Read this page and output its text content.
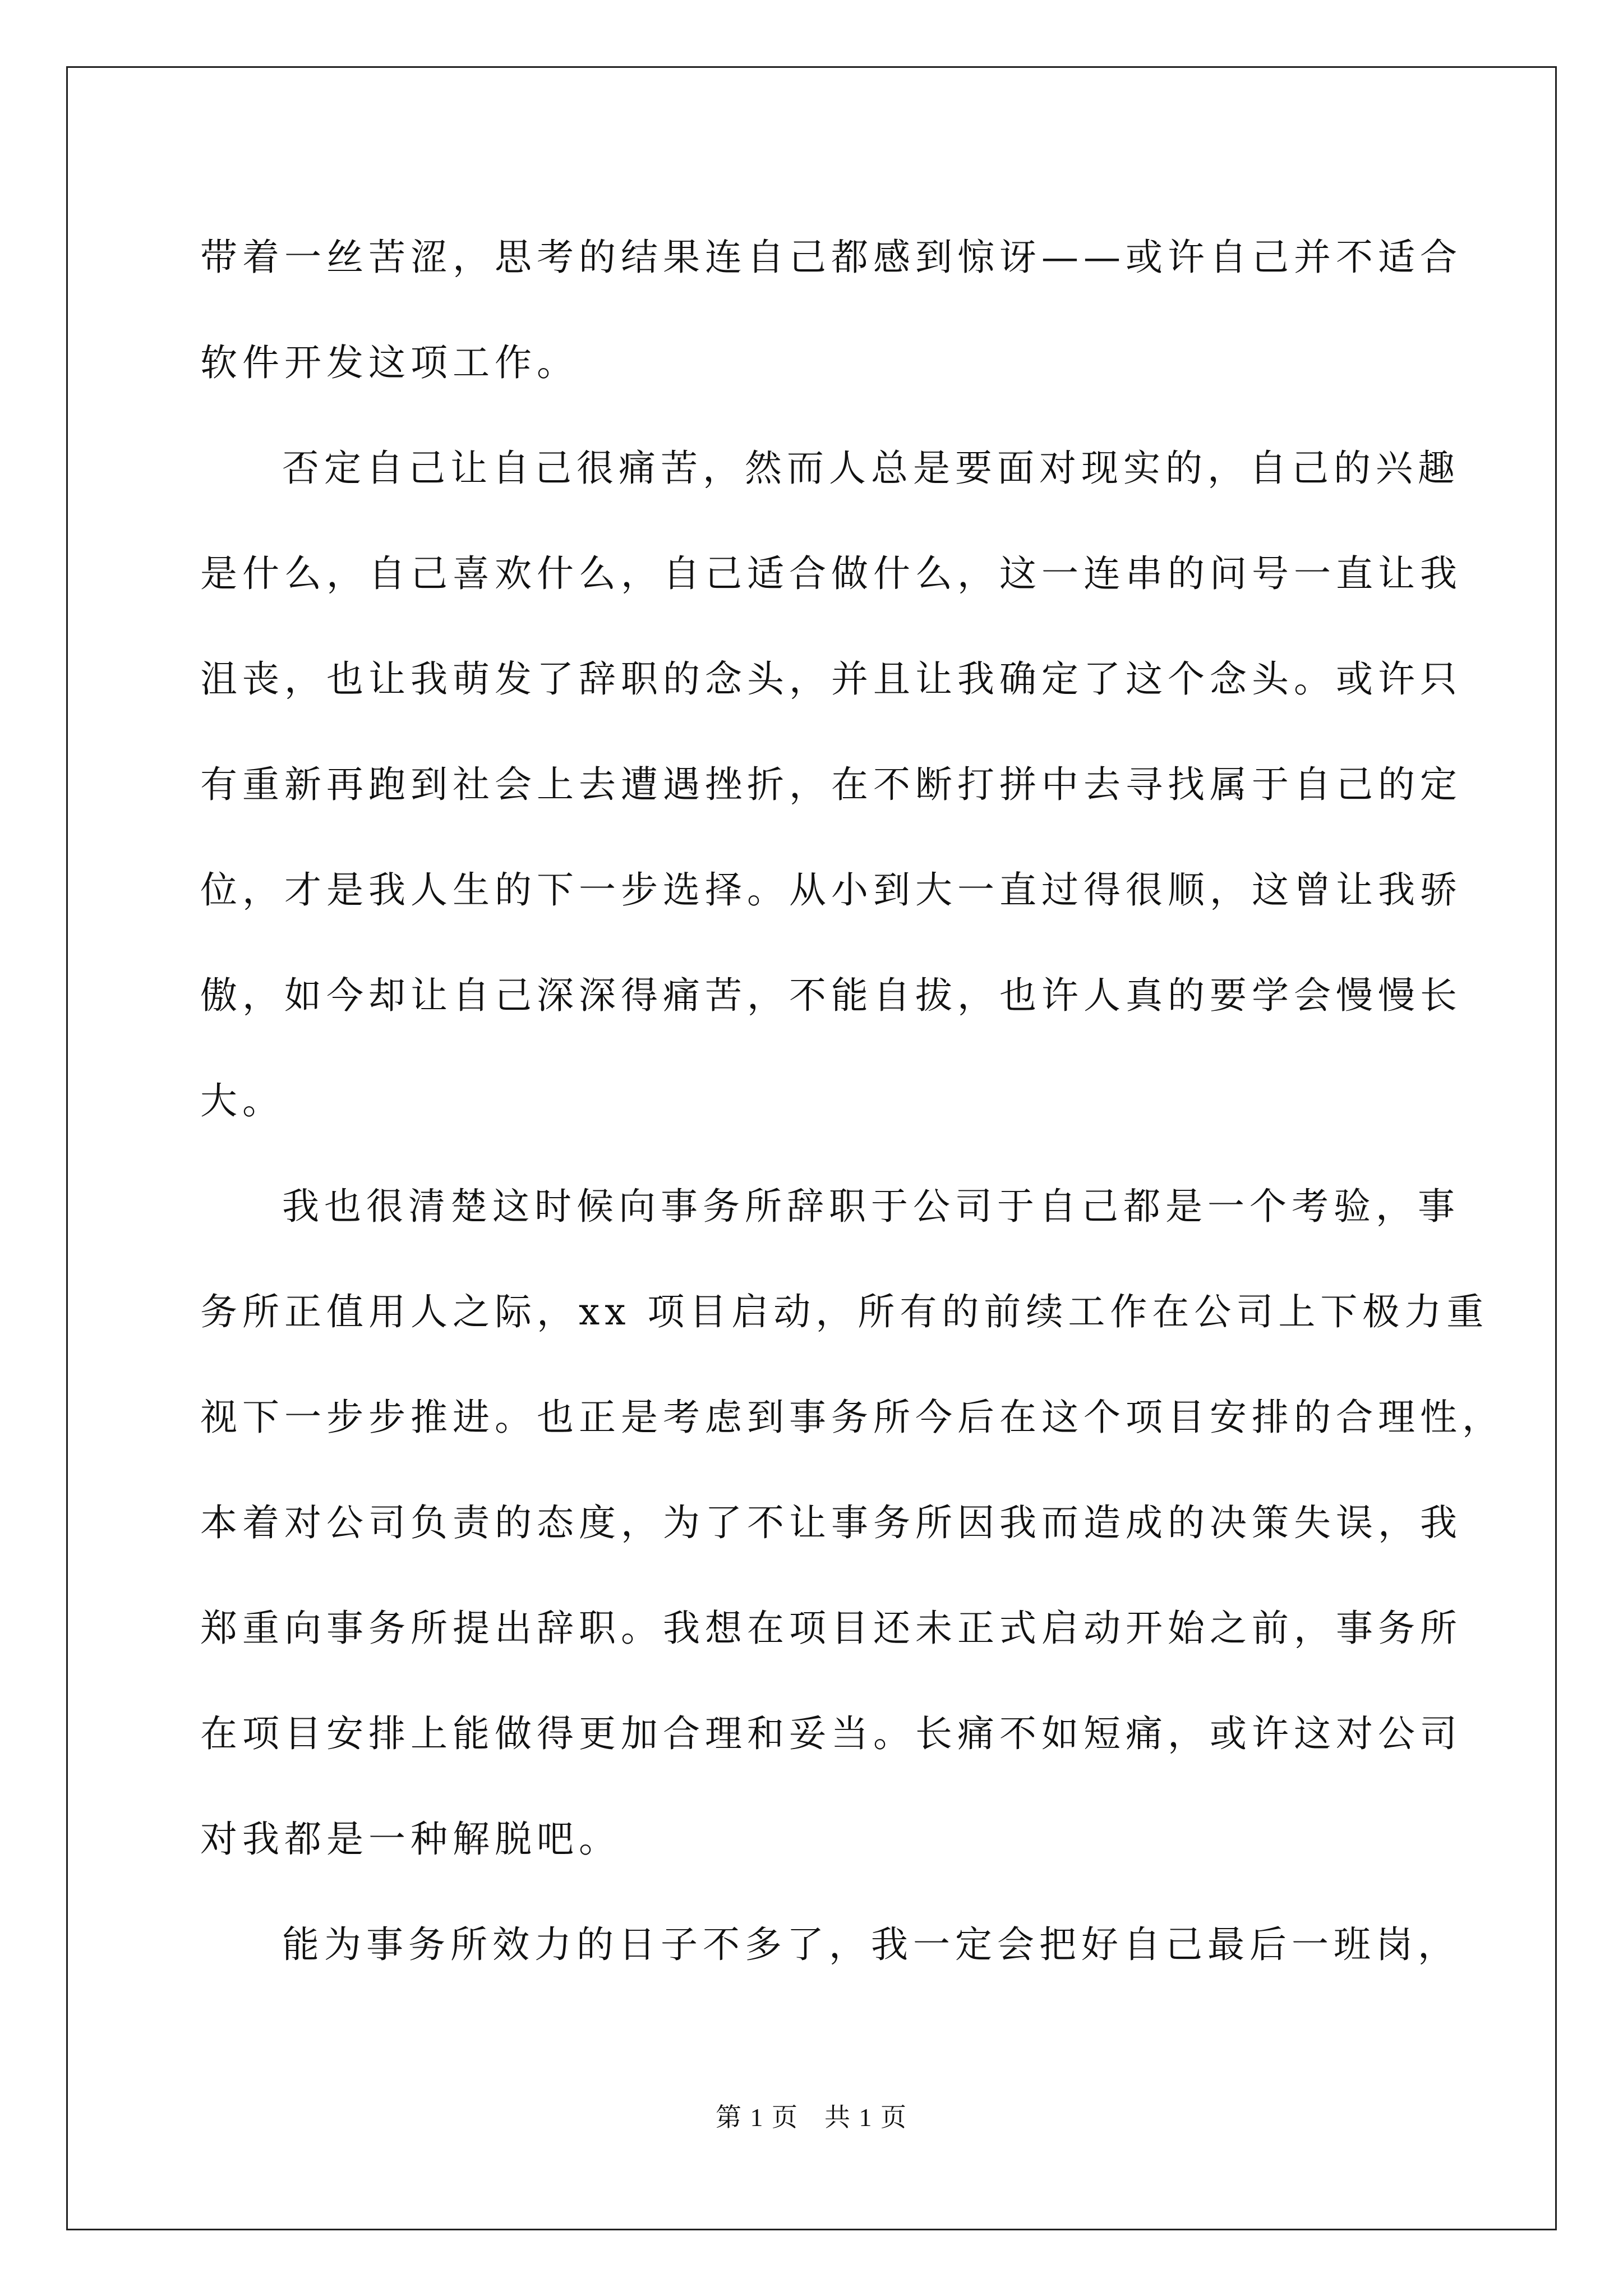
带着一丝苦涩，思考的结果连自己都感到惊讶——或许自己并不适合
软件开发这项工作。
否定自己让自己很痛苦，然而人总是要面对现实的，自己的兴趣
是什么，自己喜欢什么，自己适合做什么，这一连串的问号一直让我
沮丧，也让我萌发了辞职的念头，并且让我确定了这个念头。或许只
有重新再跑到社会上去遭遇挫折，在不断打拼中去寻找属于自己的定
位，才是我人生的下一步选择。从小到大一直过得很顺，这曾让我骄
傲，如今却让自己深深得痛苦，不能自拔，也许人真的要学会慢慢长
大。
我也很清楚这时候向事务所辞职于公司于自己都是一个考验，事
务所正值用人之际，xx 项目启动，所有的前续工作在公司上下极力重
视下一步步推进。也正是考虑到事务所今后在这个项目安排的合理性，
本着对公司负责的态度，为了不让事务所因我而造成的决策失误，我
郑重向事务所提出辞职。我想在项目还未正式启动开始之前，事务所
在项目安排上能做得更加合理和妥当。长痛不如短痛，或许这对公司
对我都是一种解脱吧。
能为事务所效力的日子不多了，我一定会把好自己最后一班岗，
第 1 页 共 1 页
